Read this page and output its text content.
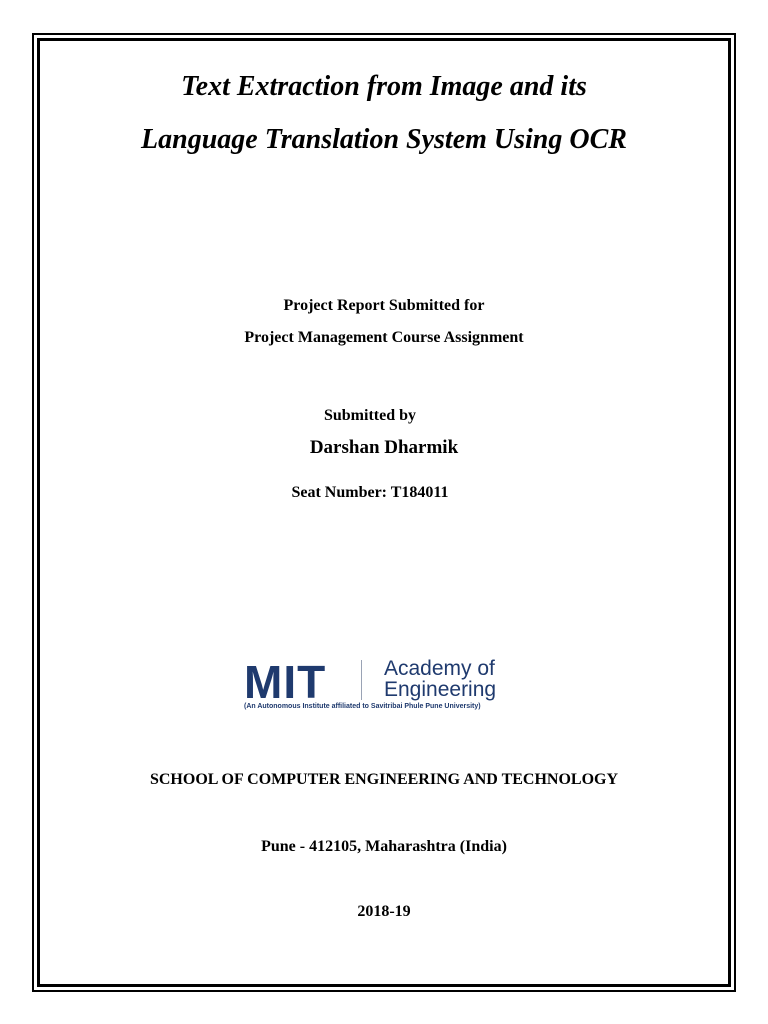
Text Extraction from Image and its
Language Translation System Using OCR
Project Report Submitted for
Project Management Course Assignment
Submitted by
Darshan Dharmik
Seat Number: T184011
MIT	Academy of
Engineering
(An Autonomous Institute affiliated to Savitribai Phule Pune University)
SCHOOL OF COMPUTER ENGINEERING AND TECHNOLOGY
Pune - 412105, Maharashtra (India)
2018-19
